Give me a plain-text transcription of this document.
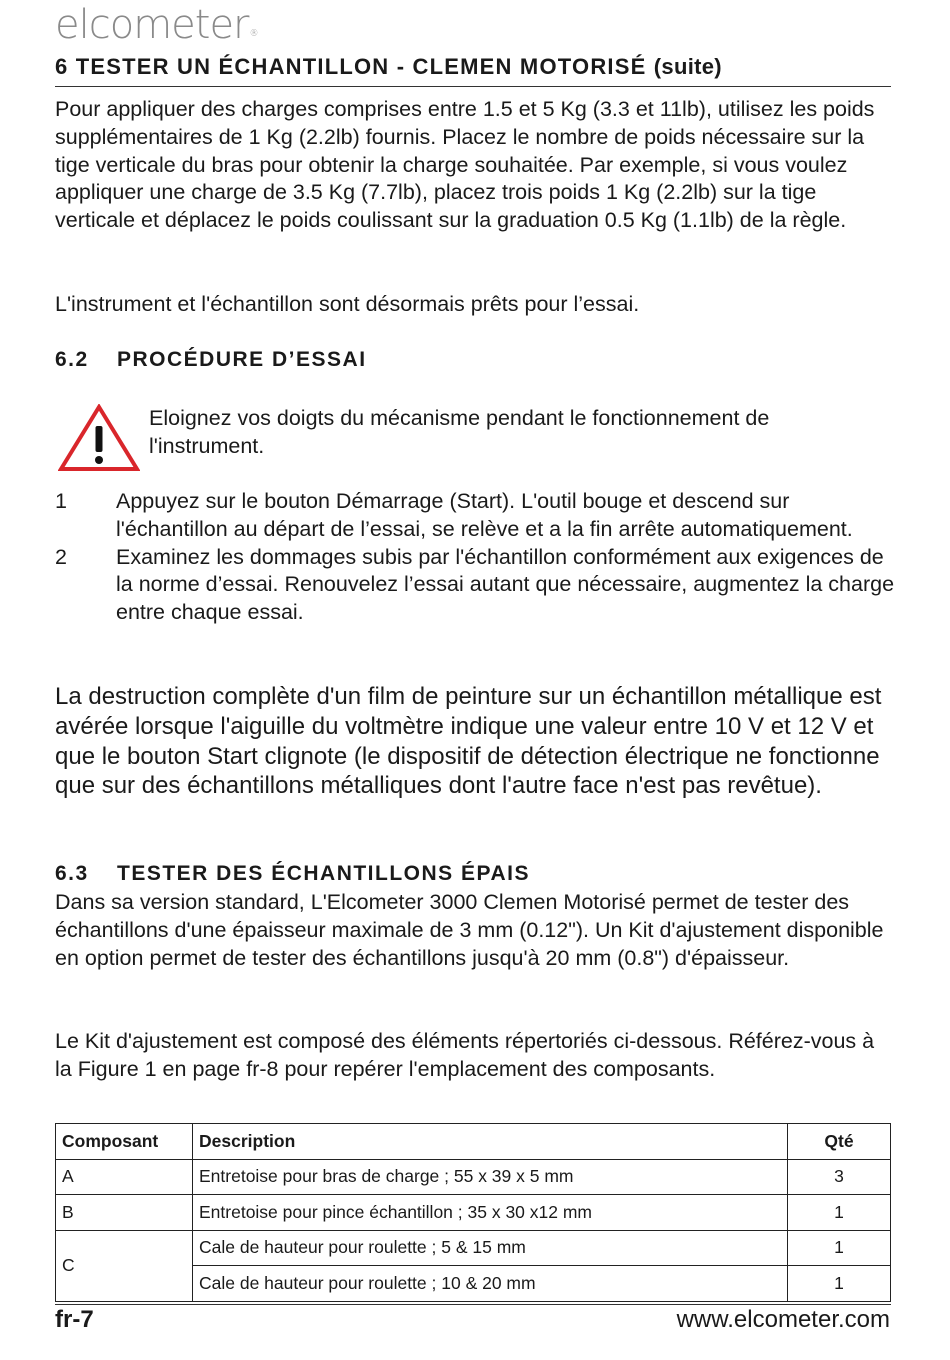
elcometer®
6 TESTER UN ÉCHANTILLON - CLEMEN MOTORISÉ (suite)

Pour appliquer des charges comprises entre 1.5 et 5 Kg (3.3 et 11lb), utilisez les poids supplémentaires de 1 Kg (2.2lb) fournis. Placez le nombre de poids nécessaire sur la tige verticale du bras pour obtenir la charge souhaitée. Par exemple, si vous voulez appliquer une charge de 3.5 Kg (7.7lb), placez trois poids 1 Kg (2.2lb) sur la tige verticale et déplacez le poids coulissant sur la graduation 0.5 Kg (1.1lb) de la règle.

L'instrument et l'échantillon sont désormais prêts pour l’essai.

6.2 PROCÉDURE D’ESSAI

Eloignez vos doigts du mécanisme pendant le fonctionnement de l'instrument.

1	Appuyez sur le bouton Démarrage (Start). L'outil bouge et descend sur l'échantillon au départ de l’essai, se relève et a la fin arrête automatiquement.
2	Examinez les dommages subis par l'échantillon conformément aux exigences de la norme d’essai. Renouvelez l’essai autant que nécessaire, augmentez la charge entre chaque essai.

La destruction complète d'un film de peinture sur un échantillon métallique est avérée lorsque l'aiguille du voltmètre indique une valeur entre 10 V et 12 V et que le bouton Start clignote (le dispositif de détection électrique ne fonctionne que sur des échantillons métalliques dont l'autre face n'est pas revêtue).

6.3 TESTER DES ÉCHANTILLONS ÉPAIS

Dans sa version standard, L'Elcometer 3000 Clemen Motorisé permet de tester des échantillons d'une épaisseur maximale de 3 mm (0.12"). Un Kit d'ajustement disponible en option permet de tester des échantillons jusqu'à 20 mm (0.8") d'épaisseur.

Le Kit d'ajustement est composé des éléments répertoriés ci-dessous. Référez-vous à la Figure 1 en page fr-8 pour repérer l'emplacement des composants.

Composant	Description	Qté
A	Entretoise pour bras de charge ; 55 x 39 x 5 mm	3
B	Entretoise pour pince échantillon ; 35 x 30 x12 mm	1
C	Cale de hauteur pour roulette ; 5 & 15 mm	1
	Cale de hauteur pour roulette ; 10 & 20 mm	1
fr-7	www.elcometer.com
